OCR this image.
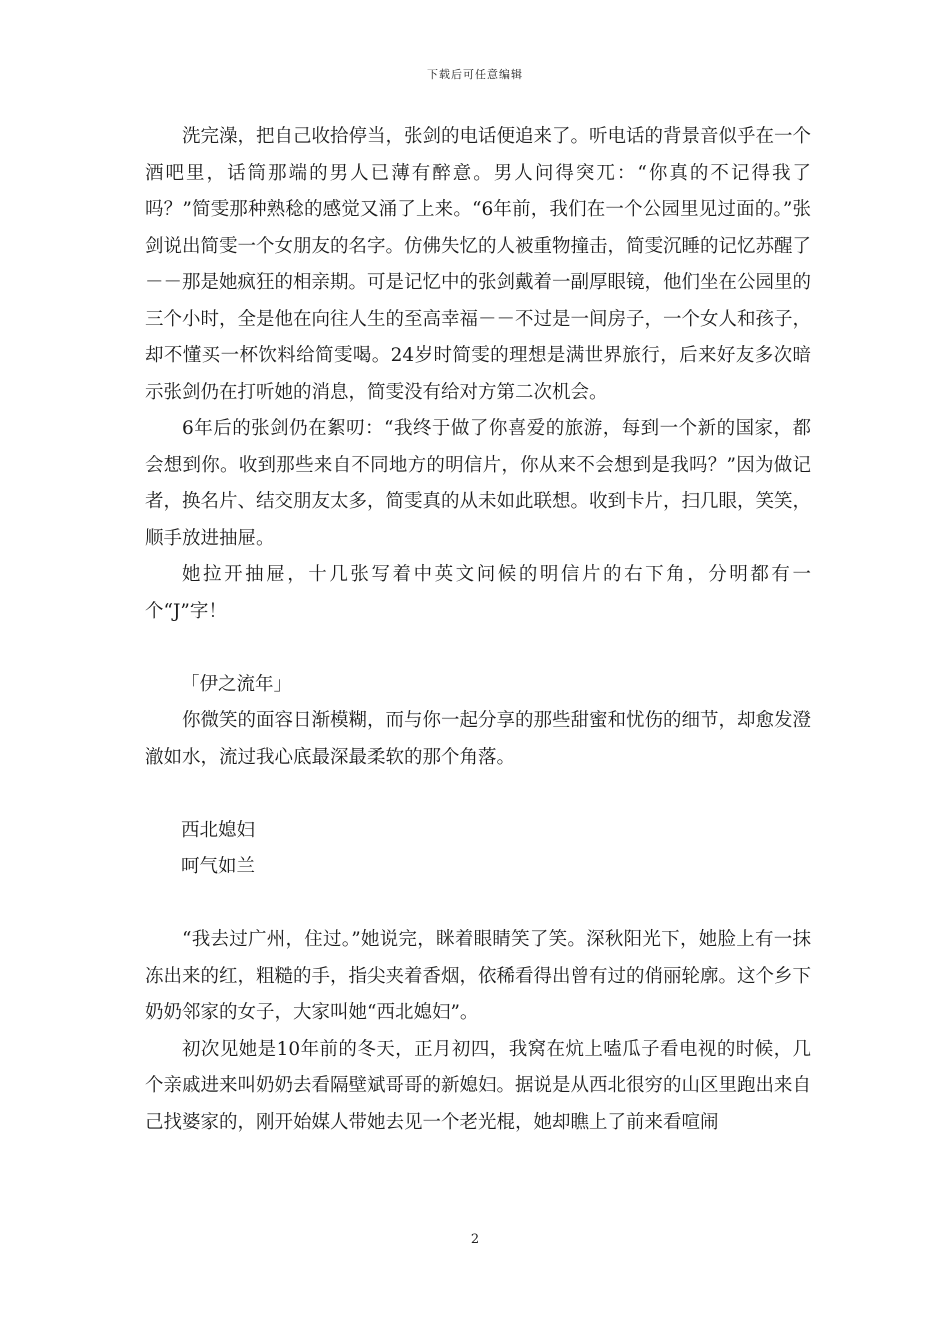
下载后可任意编辑

洗完澡，把自己收拾停当，张剑的电话便追来了。听电话的背景音似乎在一个酒吧里，话筒那端的男人已薄有醉意。男人问得突兀：“你真的不记得我了吗？”简雯那种熟稔的感觉又涌了上来。“6年前，我们在一个公园里见过面的。”张剑说出简雯一个女朋友的名字。仿佛失忆的人被重物撞击，简雯沉睡的记忆苏醒了－－那是她疯狂的相亲期。可是记忆中的张剑戴着一副厚眼镜，他们坐在公园里的三个小时，全是他在向往人生的至高幸福－－不过是一间房子，一个女人和孩子，却不懂买一杯饮料给简雯喝。24岁时简雯的理想是满世界旅行，后来好友多次暗示张剑仍在打听她的消息，简雯没有给对方第二次机会。

6年后的张剑仍在絮叨：“我终于做了你喜爱的旅游，每到一个新的国家，都会想到你。收到那些来自不同地方的明信片，你从来不会想到是我吗？”因为做记者，换名片、结交朋友太多，简雯真的从未如此联想。收到卡片，扫几眼，笑笑，顺手放进抽屉。

她拉开抽屉，十几张写着中英文问候的明信片的右下角，分明都有一个“J”字！

「伊之流年」

你微笑的面容日渐模糊，而与你一起分享的那些甜蜜和忧伤的细节，却愈发澄澈如水，流过我心底最深最柔软的那个角落。

西北媳妇

呵气如兰

“我去过广州，住过。”她说完，眯着眼睛笑了笑。深秋阳光下，她脸上有一抹冻出来的红，粗糙的手，指尖夹着香烟，依稀看得出曾有过的俏丽轮廓。这个乡下奶奶邻家的女子，大家叫她“西北媳妇”。

初次见她是10年前的冬天，正月初四，我窝在炕上嗑瓜子看电视的时候，几个亲戚进来叫奶奶去看隔壁斌哥哥的新媳妇。据说是从西北很穷的山区里跑出来自己找婆家的，刚开始媒人带她去见一个老光棍，她却瞧上了前来看喧闹

2
